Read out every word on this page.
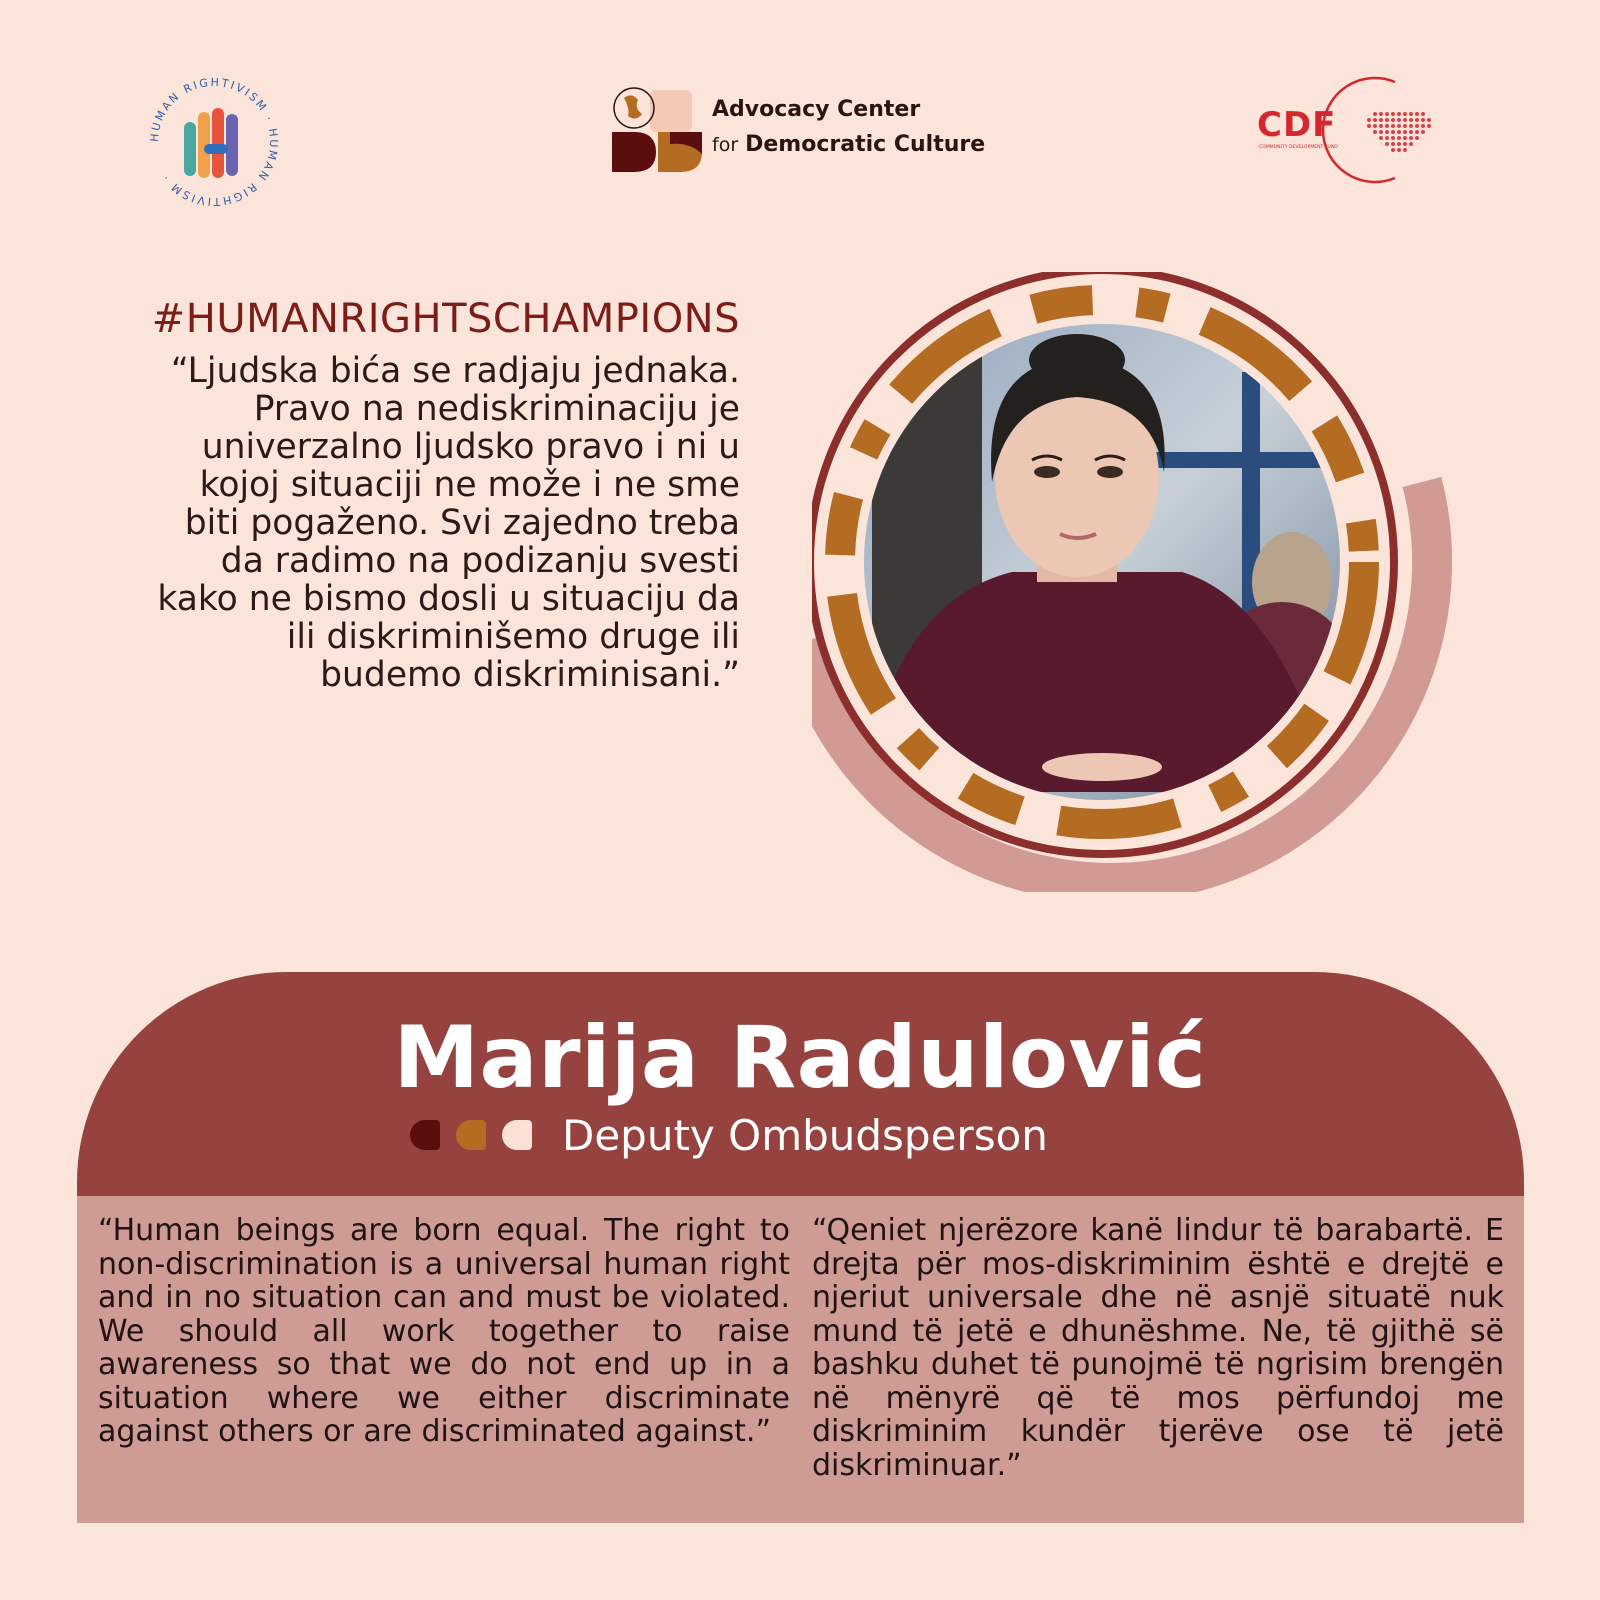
HUMAN RIGHTIVISM · HUMAN RIGHTIVISM ·
Advocacy Center
for Democratic Culture	CDF
COMMUNITY DEVELOPMENT FUND
#HUMANRIGHTSCHAMPIONS

“Ljudska bića se radjaju jednaka. Pravo na nediskriminaciju je univerzalno ljudsko pravo i ni u kojoj situaciji ne može i ne sme biti pogaženo. Svi zajedno treba da radimo na podizanju svesti kako ne bismo dosli u situaciju da ili diskriminišemo druge ili budemo diskriminisani.”

Marija Radulović
Deputy Ombudsperson

“Human beings are born equal. The right to non-discrimination is a universal human right and in no situation can and must be violated. We should all work together to raise awareness so that we do not end up in a situation where we either discriminate against others or are discriminated against.”

“Qeniet njerëzore kanë lindur të barabartë. E drejta për mos-diskriminim është e drejtë e njeriut universale dhe në asnjë situatë nuk mund të jetë e dhunëshme. Ne, të gjithë së bashku duhet të punojmë të ngrisim brengën në mënyrë që të mos përfundoj me diskriminim kundër tjerëve ose të jetë diskriminuar.”
